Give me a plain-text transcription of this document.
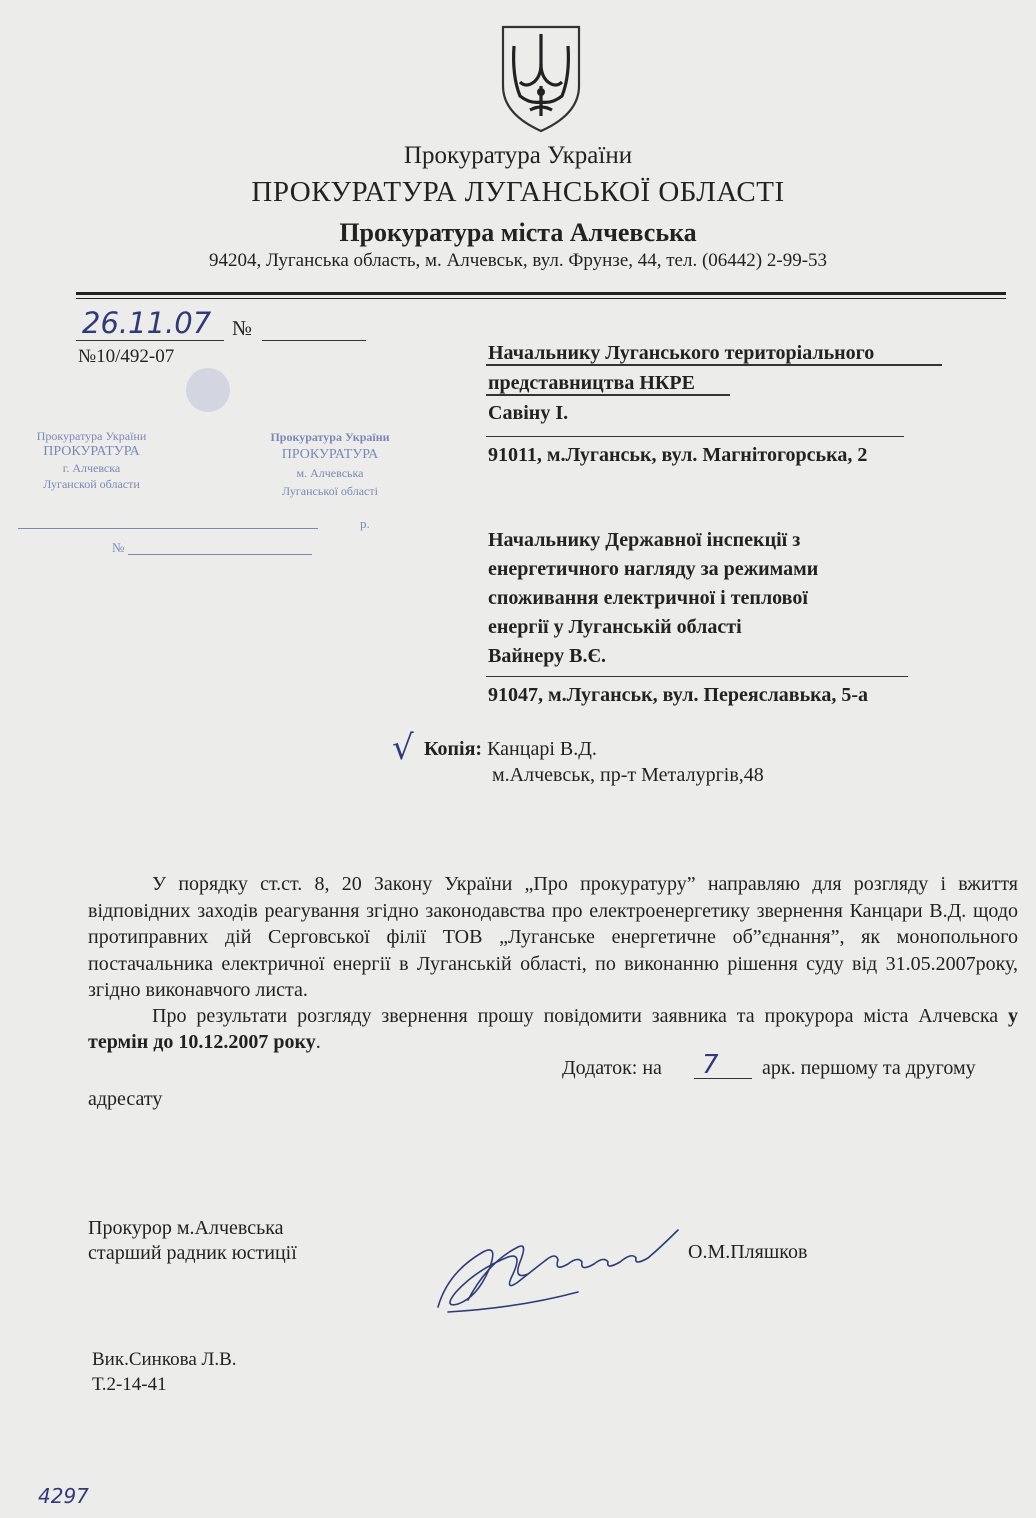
Прокуратура України
ПРОКУРАТУРА ЛУГАНСЬКОЇ ОБЛАСТІ
Прокуратура міста Алчевська
94204, Луганська область, м. Алчевськ, вул. Фрунзе, 44, тел. (06442) 2-99-53
26.11.07 №
№10/492-07
Прокуратура України
ПРОКУРАТУРА
г. Алчевска
Луганской области
№
Прокуратура України
ПРОКУРАТУРА
м. Алчевська
Луганської області
р.
Начальнику Луганського територіального
представництва НКРЕ
Савіну І.
91011, м.Луганськ, вул. Магнітогорська, 2
Начальнику Державної інспекції з
енергетичного нагляду за режимами
споживання електричної і теплової
енергії у Луганській області
Вайнеру В.Є.
91047, м.Луганськ, вул. Переяславька, 5-а
√ Копія: Канцарі В.Д.
м.Алчевськ, пр-т Металургів,48

У порядку ст.ст. 8, 20 Закону України „Про прокуратуру” направляю для розгляду і вжиття відповідних заходів реагування згідно законодавства про електроенергетику звернення Канцари В.Д. щодо протиправних дій Серговської філії ТОВ „Луганське енергетичне об”єднання”, як монопольного постачальника електричної енергії в Луганській області, по виконанню рішення суду від 31.05.2007року, згідно виконавчого листа.

Про результати розгляду звернення прошу повідомити заявника та прокурора міста Алчевска у термін до 10.12.2007 року.

Додаток: на 7 арк. першому та другому
адресату
Прокурор м.Алчевська
старший радник юстиції	О.М.Пляшков
Вик.Синкова Л.В.
Т.2-14-41
4297
